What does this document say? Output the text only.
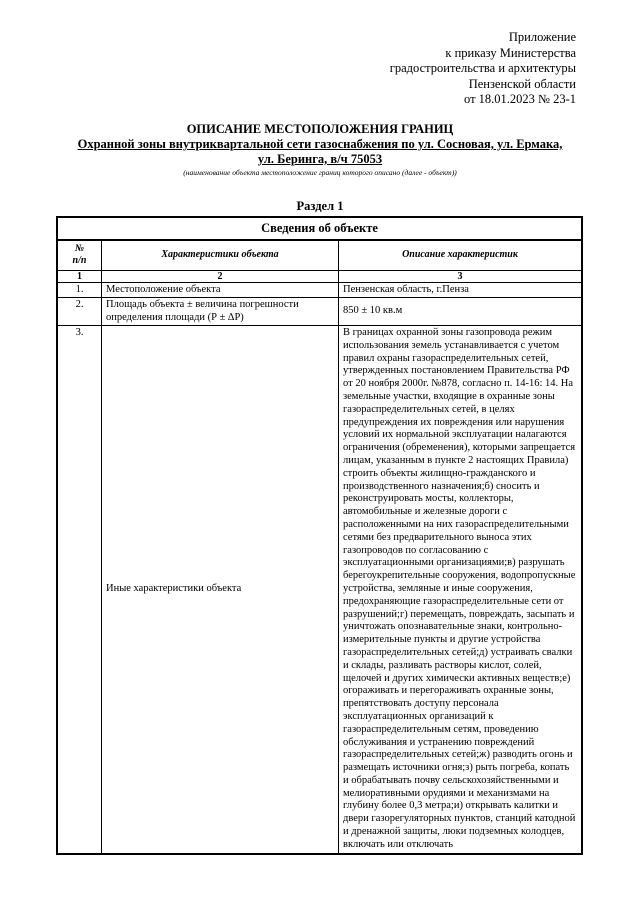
Приложение
к приказу Министерства
градостроительства и архитектуры
Пензенской области
от 18.01.2023 № 23-1
ОПИСАНИЕ МЕСТОПОЛОЖЕНИЯ ГРАНИЦ
Охранной зоны внутриквартальной сети газоснабжения по ул. Сосновая, ул. Ермака,
ул. Беринга, в/ч 75053
(наименование объекта местоположение границ которого описано (далее - объект))
Раздел 1
Сведения об объекте		
№
п/п	Характеристики объекта	Описание характеристик
1	2	3
1.	Местоположение объекта	Пензенская область, г.Пенза
2.	Площадь объекта ± величина погрешности определения площади (Р ± ∆Р)	850 ± 10 кв.м
3.	Иные характеристики объекта	В границах охранной зоны газопровода режим использования земель устанавливается с учетом правил охраны газораспределительных сетей, утвержденных постановлением Правительства РФ от 20 ноября 2000г. №878, согласно п. 14-16: 14. На земельные участки, входящие в охранные зоны газораспределительных сетей, в целях предупреждения их повреждения или нарушения условий их нормальной эксплуатации налагаются ограничения (обременения), которыми запрещается лицам, указанным в пункте 2 настоящих Правила) строить объекты жилищно-гражданского и производственного назначения;б) сносить и реконструировать мосты, коллекторы, автомобильные и железные дороги с расположенными на них газораспределительными сетями без предварительного выноса этих газопроводов по согласованию с эксплуатационными организациями;в) разрушать берегоукрепительные сооружения, водопропускные устройства, земляные и иные сооружения, предохраняющие газораспределительные сети от разрушений;г) перемещать, повреждать, засыпать и уничтожать опознавательные знаки, контрольно-измерительные пункты и другие устройства газораспределительных сетей;д) устраивать свалки и склады, разливать растворы кислот, солей, щелочей и других химически активных веществ;е) огораживать и перегораживать охранные зоны, препятствовать доступу персонала эксплуатационных организаций к газораспределительным сетям, проведению обслуживания и устранению повреждений газораспределительных сетей;ж) разводить огонь и размещать источники огня;з) рыть погреба, копать и обрабатывать почву сельскохозяйственными и мелиоративными орудиями и механизмами на глубину более 0,3 метра;и) открывать калитки и двери газорегуляторных пунктов, станций катодной и дренажной защиты, люки подземных колодцев, включать или отключать
